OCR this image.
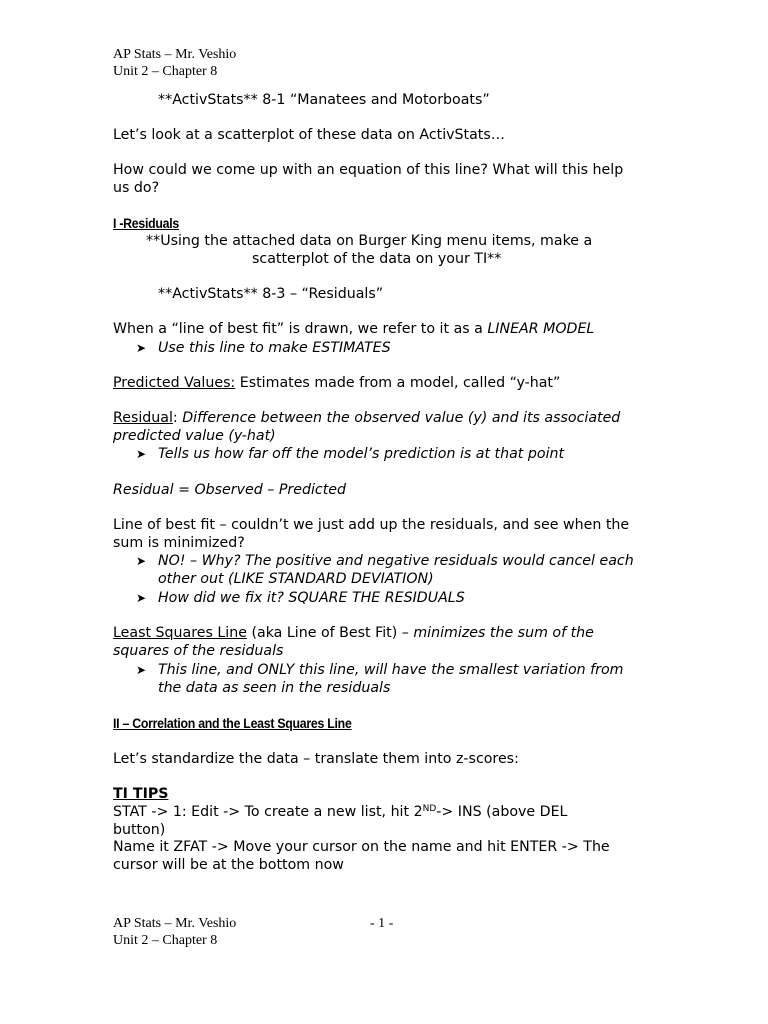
AP Stats – Mr. Veshio
Unit 2 – Chapter 8
**ActivStats** 8-1 “Manatees and Motorboats”
Let’s look at a scatterplot of these data on ActivStats…
How could we come up with an equation of this line? What will this help us do?
I -Residuals
**Using the attached data on Burger King menu items, make a
scatterplot of the data on your TI**
**ActivStats** 8-3 – “Residuals”
When a “line of best fit” is drawn, we refer to it as a LINEAR MODEL
➤ Use this line to make ESTIMATES
Predicted Values: Estimates made from a model, called “y-hat”
Residual: Difference between the observed value (y) and its associated predicted value (y-hat)
➤ Tells us how far off the model’s prediction is at that point
Residual = Observed – Predicted
Line of best fit – couldn’t we just add up the residuals, and see when the sum is minimized?
➤ NO! – Why? The positive and negative residuals would cancel each other out (LIKE STANDARD DEVIATION)
➤ How did we fix it? SQUARE THE RESIDUALS
Least Squares Line (aka Line of Best Fit) – minimizes the sum of the squares of the residuals
➤ This line, and ONLY this line, will have the smallest variation from the data as seen in the residuals
II – Correlation and the Least Squares Line
Let’s standardize the data – translate them into z-scores:
TI TIPS
STAT -> 1: Edit -> To create a new list, hit 2ND-> INS (above DEL button)
Name it ZFAT -> Move your cursor on the name and hit ENTER -> The cursor will be at the bottom now
AP Stats – Mr. Veshio
Unit 2 – Chapter 8
- 1 -
